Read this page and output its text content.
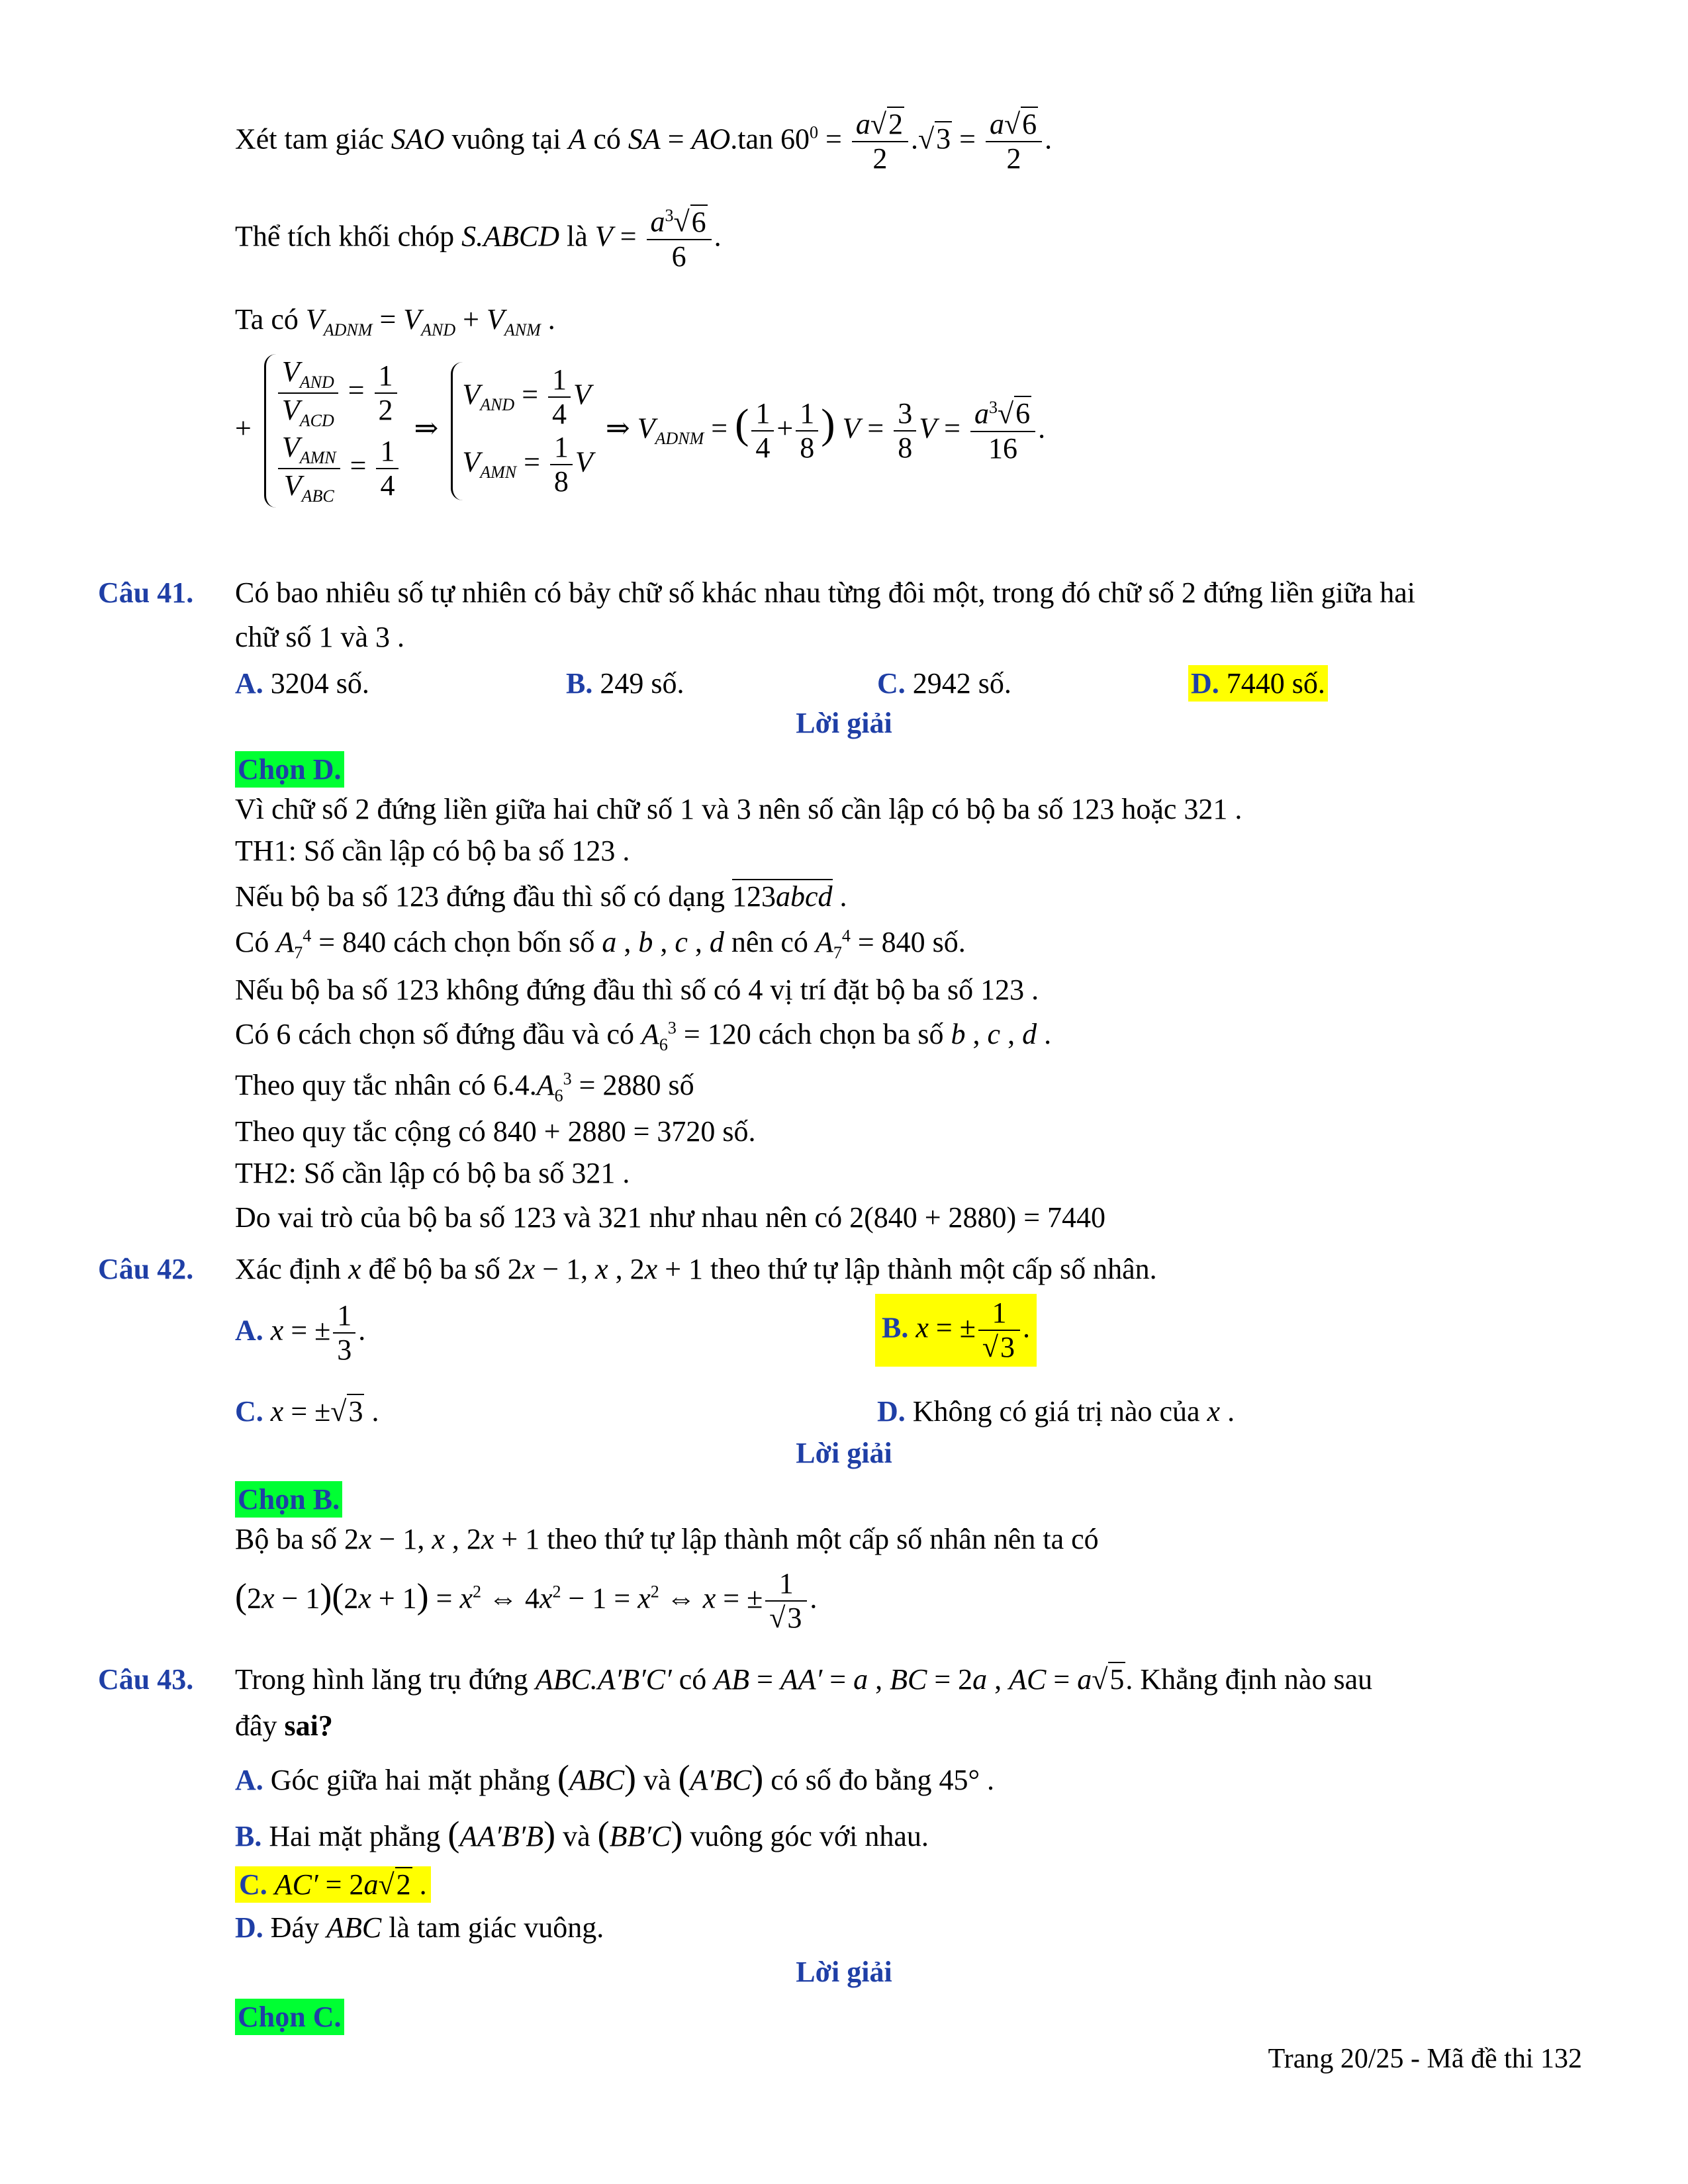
Xét tam giác SAO vuông tại A có SA = AO.tan $60^0 = \frac{a√2}{2} .√3 = \frac{a√6}{2}$ .
Thể tích khối chóp S.ABCD là $V = \frac{a^3√6}{6}$ .
Ta có $V_{ADNM} = V_{AND} + V_{ANM}$ .
+ $\frac{V_{AND}}{V_{ACD}} = \frac{1}{2}$
$\frac{V_{AMN}}{V_{ABC}} = \frac{1}{4}$
⇒
$V_{AND} = \frac{1}{4}$ V
$V_{AMN} = \frac{1}{8}$ V
⇒ $V_{ADNM}$ = ( $\frac{1}{4} + \frac{1}{8}$ ) $V = \frac{3}{8}$ $V = \frac{a^3√6}{16}$ .
Câu 41. Có bao nhiêu số tự nhiên có bảy chữ số khác nhau từng đôi một, trong đó chữ số 2 đứng liền giữa hai
chữ số 1 và 3 .
A. 3204 số.	B. 249 số.	C. 2942 số.	D. 7440 số.
Lời giải
Chọn D.
Vì chữ số 2 đứng liền giữa hai chữ số 1 và 3 nên số cần lập có bộ ba số 123 hoặc 321 .
TH1: Số cần lập có bộ ba số 123 .
Nếu bộ ba số 123 đứng đầu thì số có dạng 123abcd .
Có $A_7^4 = 840$ cách chọn bốn số a , b , c , d nên có $A_7^4 = 840$ số.
Nếu bộ ba số 123 không đứng đầu thì số có 4 vị trí đặt bộ ba số 123 .
Có 6 cách chọn số đứng đầu và có $A_6^3 = 120$ cách chọn ba số b , c , d .
Theo quy tắc nhân có $6.4.A_6^3 = 2880$ số
Theo quy tắc cộng có 840 + 2880 = 3720 số.
TH2: Số cần lập có bộ ba số 321 .
Do vai trò của bộ ba số 123 và 321 như nhau nên có 2(840 + 2880) = 7440
Câu 42. Xác định x để bộ ba số 2x − 1, x , 2x + 1 theo thứ tự lập thành một cấp số nhân.
A. x = ± $\frac{1}{3}$ .	B. x = ± $\frac{1}{√3}$ .
C. x = ±√3 .	D. Không có giá trị nào của x .
Lời giải
Chọn B.
Bộ ba số 2x − 1, x , 2x + 1 theo thứ tự lập thành một cấp số nhân nên ta có
$(2x - 1)(2x + 1) = x^2$ ⇔ $4x^2 - 1 = x^2$ ⇔ x = ± $\frac{1}{√3}$ .
Câu 43. Trong hình lăng trụ đứng ABC.A′B′C′ có AB = AA′ = a , BC = 2a , AC = a√5. Khẳng định nào sau
đây sai?
A. Góc giữa hai mặt phẳng (ABC) và (A′BC) có số đo bằng 45° .
B. Hai mặt phẳng (AA′B′B) và (BB′C) vuông góc với nhau.
C. AC′ = 2a√2 .
D. Đáy ABC là tam giác vuông.
Lời giải
Chọn C.
Trang 20/25 - Mã đề thi 132
